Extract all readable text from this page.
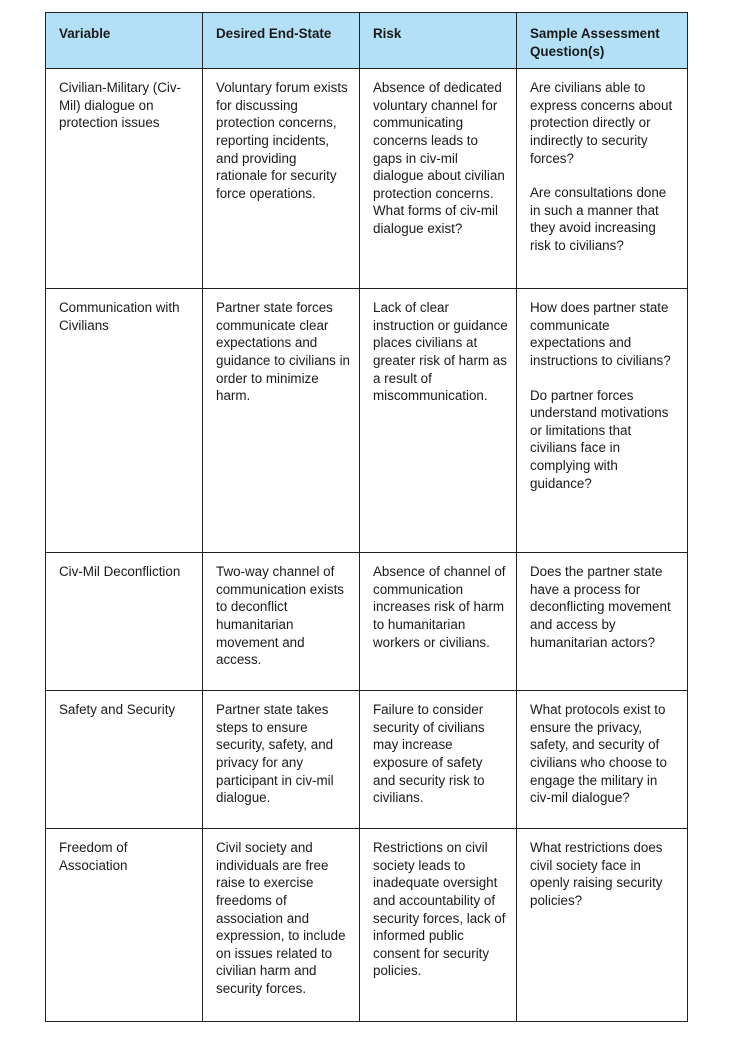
Variable	Desired End-State	Risk	Sample Assessment Question(s)
Civilian-Military (Civ-Mil) dialogue on protection issues	Voluntary forum exists for discussing protection concerns, reporting incidents, and providing rationale for security force operations.	Absence of dedicated voluntary channel for communicating concerns leads to gaps in civ-mil dialogue about civilian protection concerns. What forms of civ-mil dialogue exist?	Are civilians able to express concerns about protection directly or indirectly to security forces?
Are consultations done in such a manner that they avoid increasing risk to civilians?

Communication with Civilians	Partner state forces communicate clear expectations and guidance to civilians in order to minimize harm.	Lack of clear instruction or guidance places civilians at greater risk of harm as a result of miscommunication.	How does partner state communicate expectations and instructions to civilians?
Do partner forces understand motivations or limitations that civilians face in complying with guidance?

Civ-Mil Deconfliction	Two-way channel of communication exists to deconflict humanitarian movement and access.	Absence of channel of communication increases risk of harm to humanitarian workers or civilians.	Does the partner state have a process for deconflicting movement and access by humanitarian actors?

Safety and Security	Partner state takes steps to ensure security, safety, and privacy for any participant in civ-mil dialogue.	Failure to consider security of civilians may increase exposure of safety and security risk to civilians.	What protocols exist to ensure the privacy, safety, and security of civilians who choose to engage the military in civ-mil dialogue?

Freedom of Association	Civil society and individuals are free raise to exercise freedoms of association and expression, to include on issues related to civilian harm and security forces.	Restrictions on civil society leads to inadequate oversight and accountability of security forces, lack of informed public consent for security policies.	What restrictions does civil society face in openly raising security policies?
